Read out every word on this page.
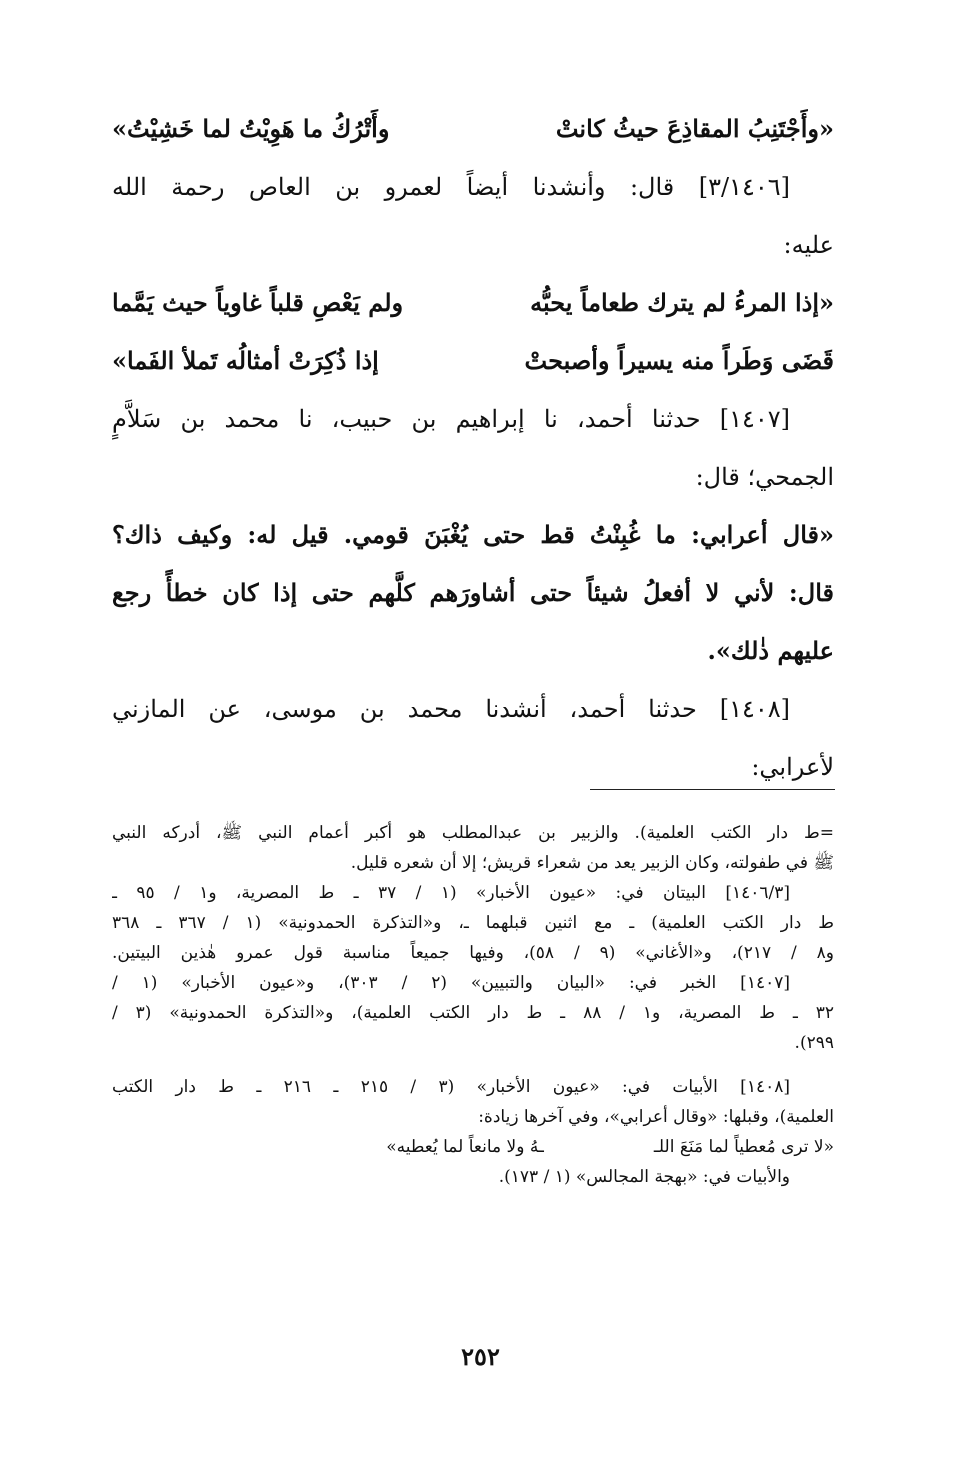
«وأَجْتَنِبُ المقاذِعَ حيثُ كانتْ
وأَتْرُكُ ما هَوِيْتُ لما خَشِيْتُ»
[٣/١٤٠٦] قال: وأنشدنا أيضاً لعمرو بن العاص رحمة الله
عليه:
«إذا المرءُ لم يترك طعاماً يحبُّه
ولم يَعْصِ قلباً غاوياً حيث يَمَّما
قَضَى وَطَراً منه يسيراً وأصبحتْ
إذا ذُكِرَتْ أمثالُه تَملأ الفَما»
[١٤٠٧] حدثنا أحمد، نا إبراهيم بن حبيب، نا محمد بن سَلاَّمٍ
الجمحي؛ قال:
«قال أعرابي: ما غُبِنْتُ قط حتى يُغْبَنَ قومي. قيل له: وكيف ذاك؟
قال: لأني لا أفعلُ شيئاً حتى أشاورَهم كلَّهم حتى إذا كان خطأً رجع
عليهم ذٰلك».
[١٤٠٨] حدثنا أحمد، أنشدنا محمد بن موسى، عن المازني
لأعرابي:
=ط دار الكتب العلمية). والزبير بن عبدالمطلب هو أكبر أعمام النبي ﷺ، أدركه النبي
ﷺ في طفولته، وكان الزبير يعد من شعراء قريش؛ إلا أن شعره قليل.
[١٤٠٦/٣] البيتان في: «عيون الأخبار» (١ / ٣٧ ـ ط المصرية، و١ / ٩٥ ـ
ط دار الكتب العلمية) ـ مع اثنين قبلهما ـ، و«التذكرة الحمدونية» (١ / ٣٦٧ ـ ٣٦٨
و٨ / ٢١٧)، و«الأغاني» (٩ / ٥٨)، وفيها جميعاً مناسبة قول عمرو هٰذين البيتين.
[١٤٠٧] الخبر في: «البيان والتبيين» (٢ / ٣٠٣)، و«عيون الأخبار» (١ /
٣٢ ـ ط المصرية، و١ / ٨٨ ـ ط دار الكتب العلمية)، و«التذكرة الحمدونية» (٣ /
٢٩٩).
[١٤٠٨] الأبيات في: «عيون الأخبار» (٣ / ٢١٥ ـ ٢١٦ ـ ط دار الكتب
العلمية)، وقبلها: «وقال أعرابي»، وفي آخرها زيادة:
«لا ترى مُعطياً لما مَنَعَ اللـ
ـهُ ولا مانعاً لما يُعطيه»
والأبيات في: «بهجة المجالس» (١ / ١٧٣).
٢٥٢
